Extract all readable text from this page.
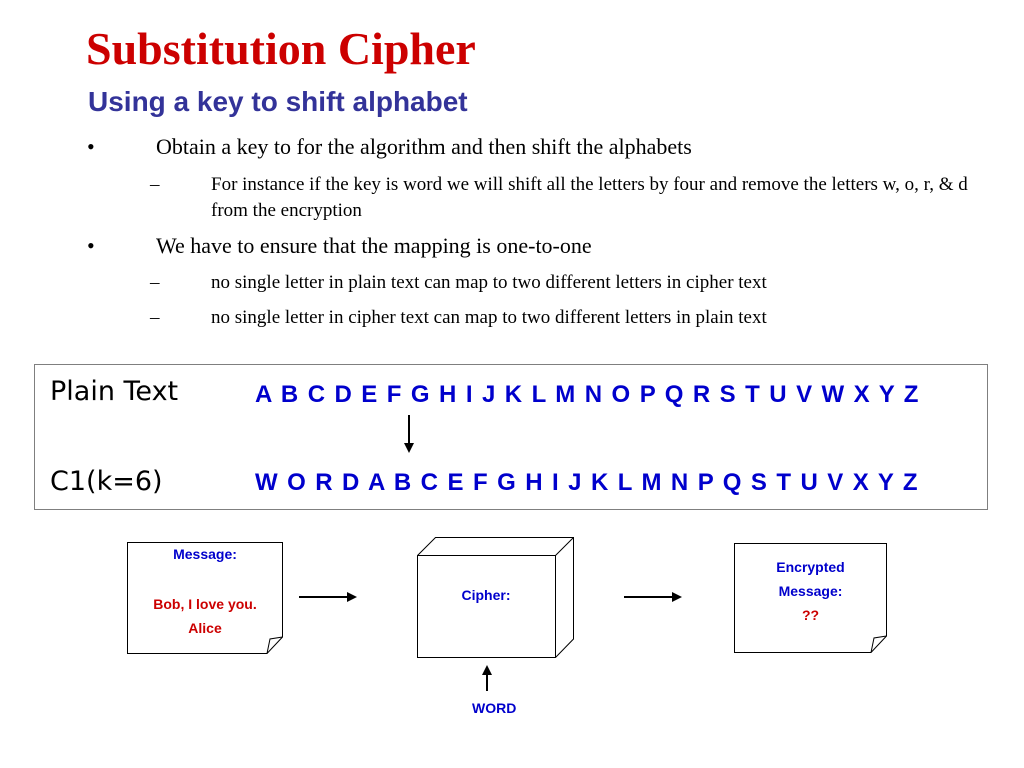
Substitution Cipher
Using a key to shift alphabet
•	Obtain a key to for the algorithm and then shift the alphabets
–	For instance if the key is word we will shift all the letters by four and remove the letters w, o, r, & d from the encryption
•	We have to ensure that the mapping is one-to-one
–	no single letter in plain text can map to two different letters in cipher text
–	no single letter in cipher text can map to two different letters in plain text
Plain Text	A B C D E F G H I J K L M N O P Q R S T U V W X Y Z
C1(k=6)	W O R D A B C E F G H I J K L M N P Q S T U V X Y Z
Message:
Bob, I love you.
Alice
Cipher:
WORD
Encrypted
Message:
??
